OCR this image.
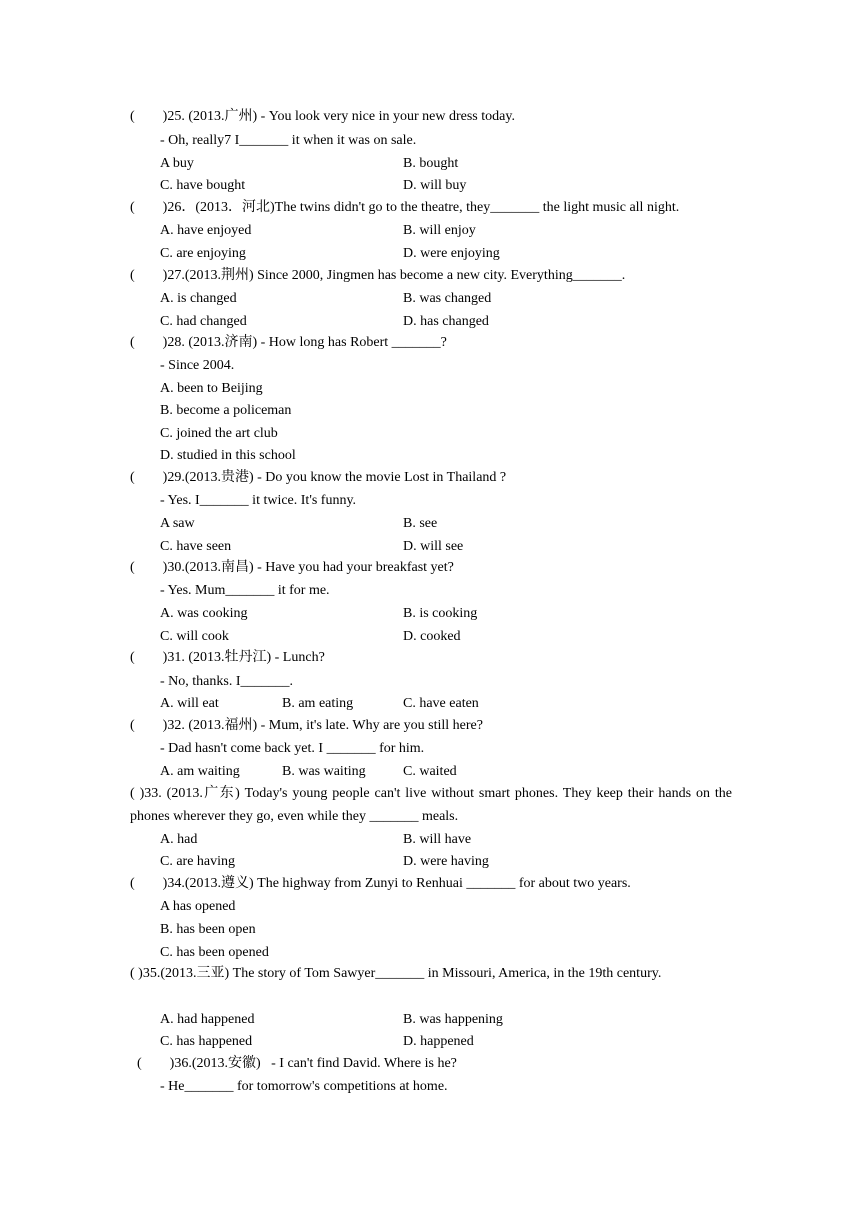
(        )25. (2013.广州) - You look very nice in your new dress today.
- Oh, really7 I_______ it when it was on sale.
A buy	B. bought
C. have bought	D. will buy
(        )26．(2013．河北)The twins didn't go to the theatre, they_______ the light music all night.
A. have enjoyed	B. will enjoy
C. are enjoying	D. were enjoying
(        )27.(2013.荆州) Since 2000, Jingmen has become a new city. Everything_______.
A. is changed	B. was changed
C. had changed	D. has changed
(        )28. (2013.济南) - How long has Robert _______?
- Since 2004.
A. been to Beijing
B. become a policeman
C. joined the art club
D. studied in this school
(        )29.(2013.贵港) - Do you know the movie Lost in Thailand ?
- Yes. I_______ it twice. It's funny.
A saw	B. see
C. have seen	D. will see
(        )30.(2013.南昌) - Have you had your breakfast yet?
- Yes. Mum_______ it for me.
A. was cooking	B. is cooking
C. will cook	D. cooked
(        )31. (2013.牡丹江) - Lunch?
- No, thanks. I_______.
A. will eat	B. am eating	C. have eaten
(        )32. (2013.福州) - Mum, it's late. Why are you still here?
- Dad hasn't come back yet. I _______ for him.
A. am waiting	B. was waiting	C. waited
( )33. (2013.广东) Today's young people can't live without smart phones. They keep their hands on the phones wherever they go, even while they _______ meals.
A. had	B. will have
C. are having	D. were having
(        )34.(2013.遵义) The highway from Zunyi to Renhuai _______ for about two years.
A has opened
B. has been open
C. has been opened
( )35.(2013.三亚) The story of Tom Sawyer_______ in Missouri, America, in the 19th century.
A. had happened	B. was happening
C. has happened	D. happened
(        )36.(2013.安徽)   - I can't find David. Where is he?
- He_______ for tomorrow's competitions at home.
